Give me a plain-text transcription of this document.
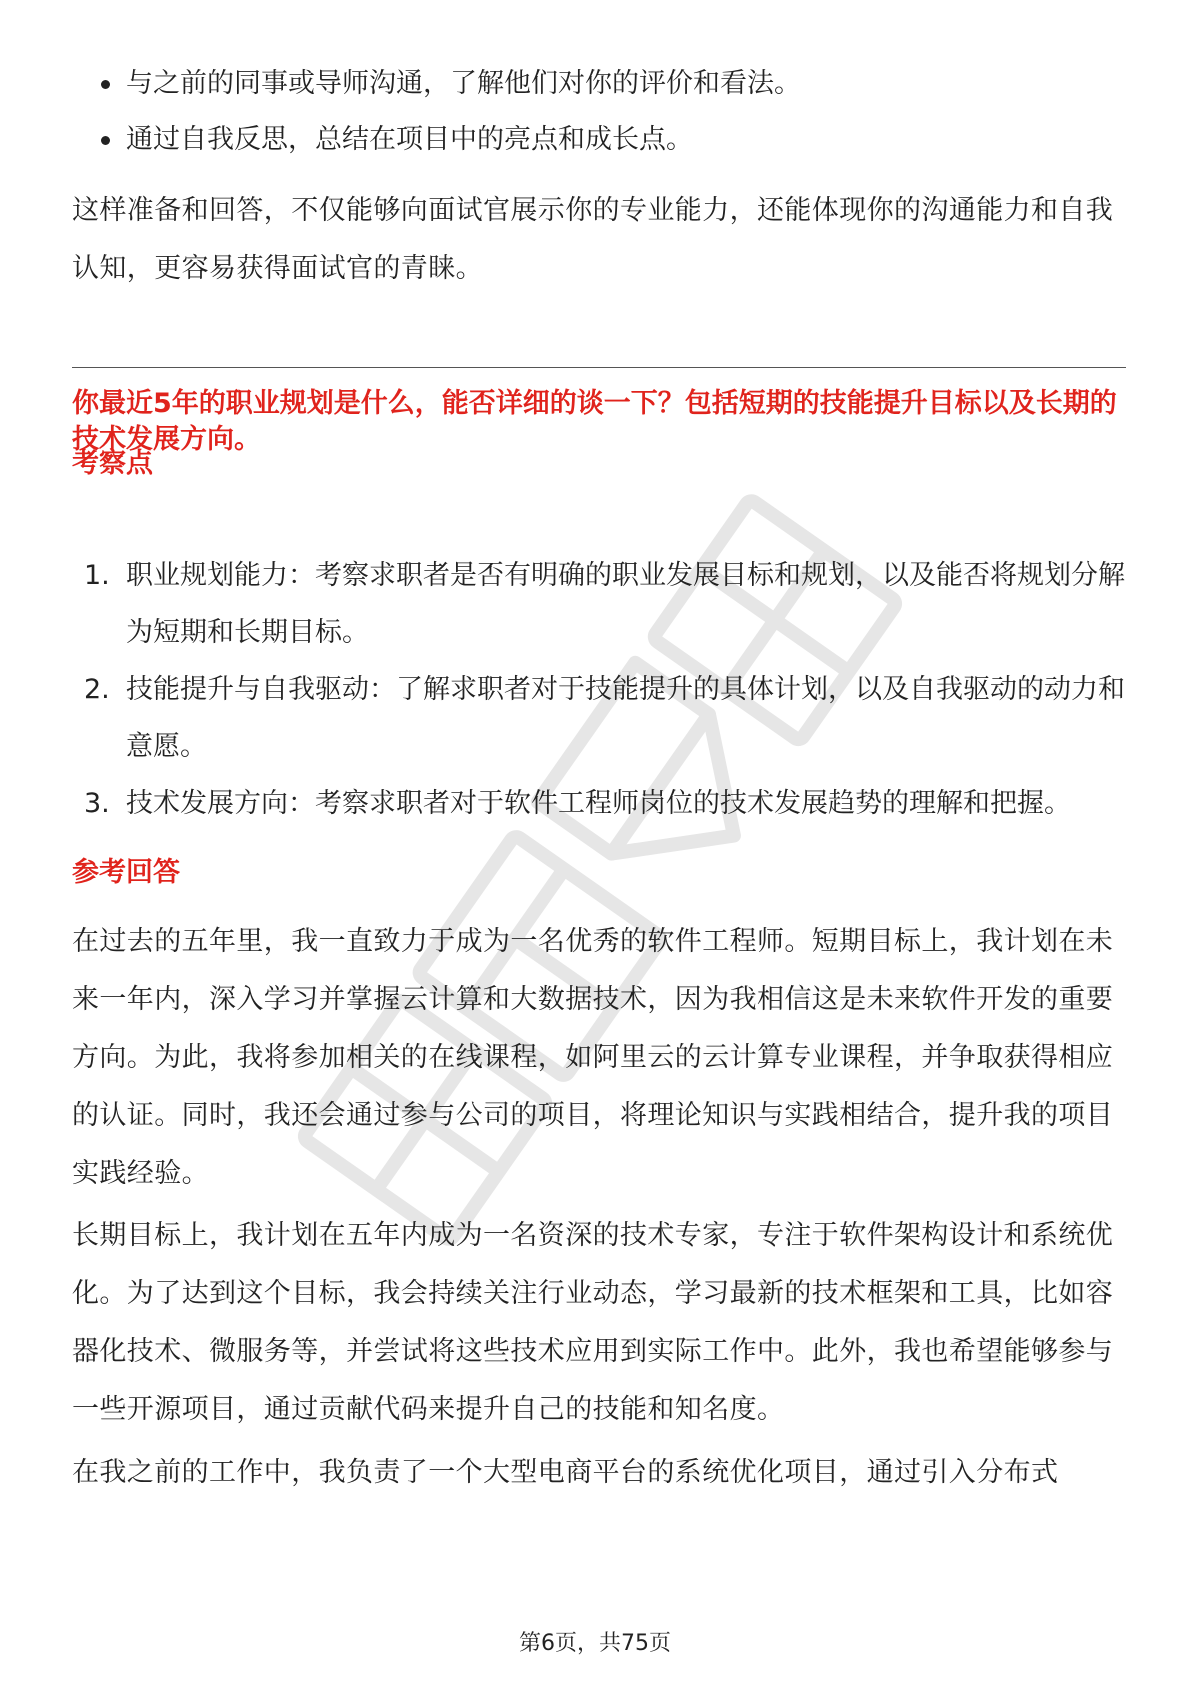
与之前的同事或导师沟通，了解他们对你的评价和看法。
通过自我反思，总结在项目中的亮点和成长点。

这样准备和回答，不仅能够向面试官展示你的专业能力，还能体现你的沟通能力和自我认知，更容易获得面试官的青睐。

你最近5年的职业规划是什么，能否详细的谈一下？包括短期的技能提升目标以及长期的技术发展方向。

考察点

1. 职业规划能力：考察求职者是否有明确的职业发展目标和规划，以及能否将规划分解为短期和长期目标。
2. 技能提升与自我驱动：了解求职者对于技能提升的具体计划，以及自我驱动的动力和意愿。
3. 技术发展方向：考察求职者对于软件工程师岗位的技术发展趋势的理解和把握。

参考回答

在过去的五年里，我一直致力于成为一名优秀的软件工程师。短期目标上，我计划在未来一年内，深入学习并掌握云计算和大数据技术，因为我相信这是未来软件开发的重要方向。为此，我将参加相关的在线课程，如阿里云的云计算专业课程，并争取获得相应的认证。同时，我还会通过参与公司的项目，将理论知识与实践相结合，提升我的项目实践经验。

长期目标上，我计划在五年内成为一名资深的技术专家，专注于软件架构设计和系统优化。为了达到这个目标，我会持续关注行业动态，学习最新的技术框架和工具，比如容器化技术、微服务等，并尝试将这些技术应用到实际工作中。此外，我也希望能够参与一些开源项目，通过贡献代码来提升自己的技能和知名度。

在我之前的工作中，我负责了一个大型电商平台的系统优化项目，通过引入分布式

第6页，共75页
